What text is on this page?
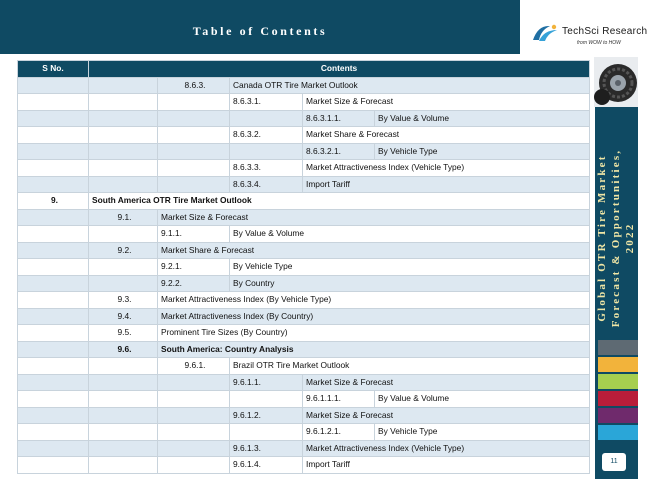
Table of Contents	TechSci Research
from WOW to HOW
Global OTR Tire Market Forecast & Opportunities, 2022
11
S No.	Contents				
		8.6.3.	Canada OTR Tire Market Outlook		
			8.6.3.1.	Market Size & Forecast	
				8.6.3.1.1.	By Value & Volume
			8.6.3.2.	Market Share & Forecast	
				8.6.3.2.1.	By Vehicle Type
			8.6.3.3.	Market Attractiveness Index (Vehicle Type)	
			8.6.3.4.	Import Tariff	
9.	South America OTR Tire Market Outlook				
	9.1.	Market Size & Forecast			
		9.1.1.	By Value & Volume		
	9.2.	Market Share & Forecast			
		9.2.1.	By Vehicle Type		
		9.2.2.	By Country		
	9.3.	Market Attractiveness Index (By Vehicle Type)			
	9.4.	Market Attractiveness Index (By Country)			
	9.5.	Prominent Tire Sizes (By Country)			
	9.6.	South America: Country Analysis			
		9.6.1.	Brazil OTR Tire Market Outlook		
			9.6.1.1.	Market Size & Forecast	
				9.6.1.1.1.	By Value & Volume
			9.6.1.2.	Market Size & Forecast	
				9.6.1.2.1.	By Vehicle Type
			9.6.1.3.	Market Attractiveness Index (Vehicle Type)	
			9.6.1.4.	Import Tariff	
